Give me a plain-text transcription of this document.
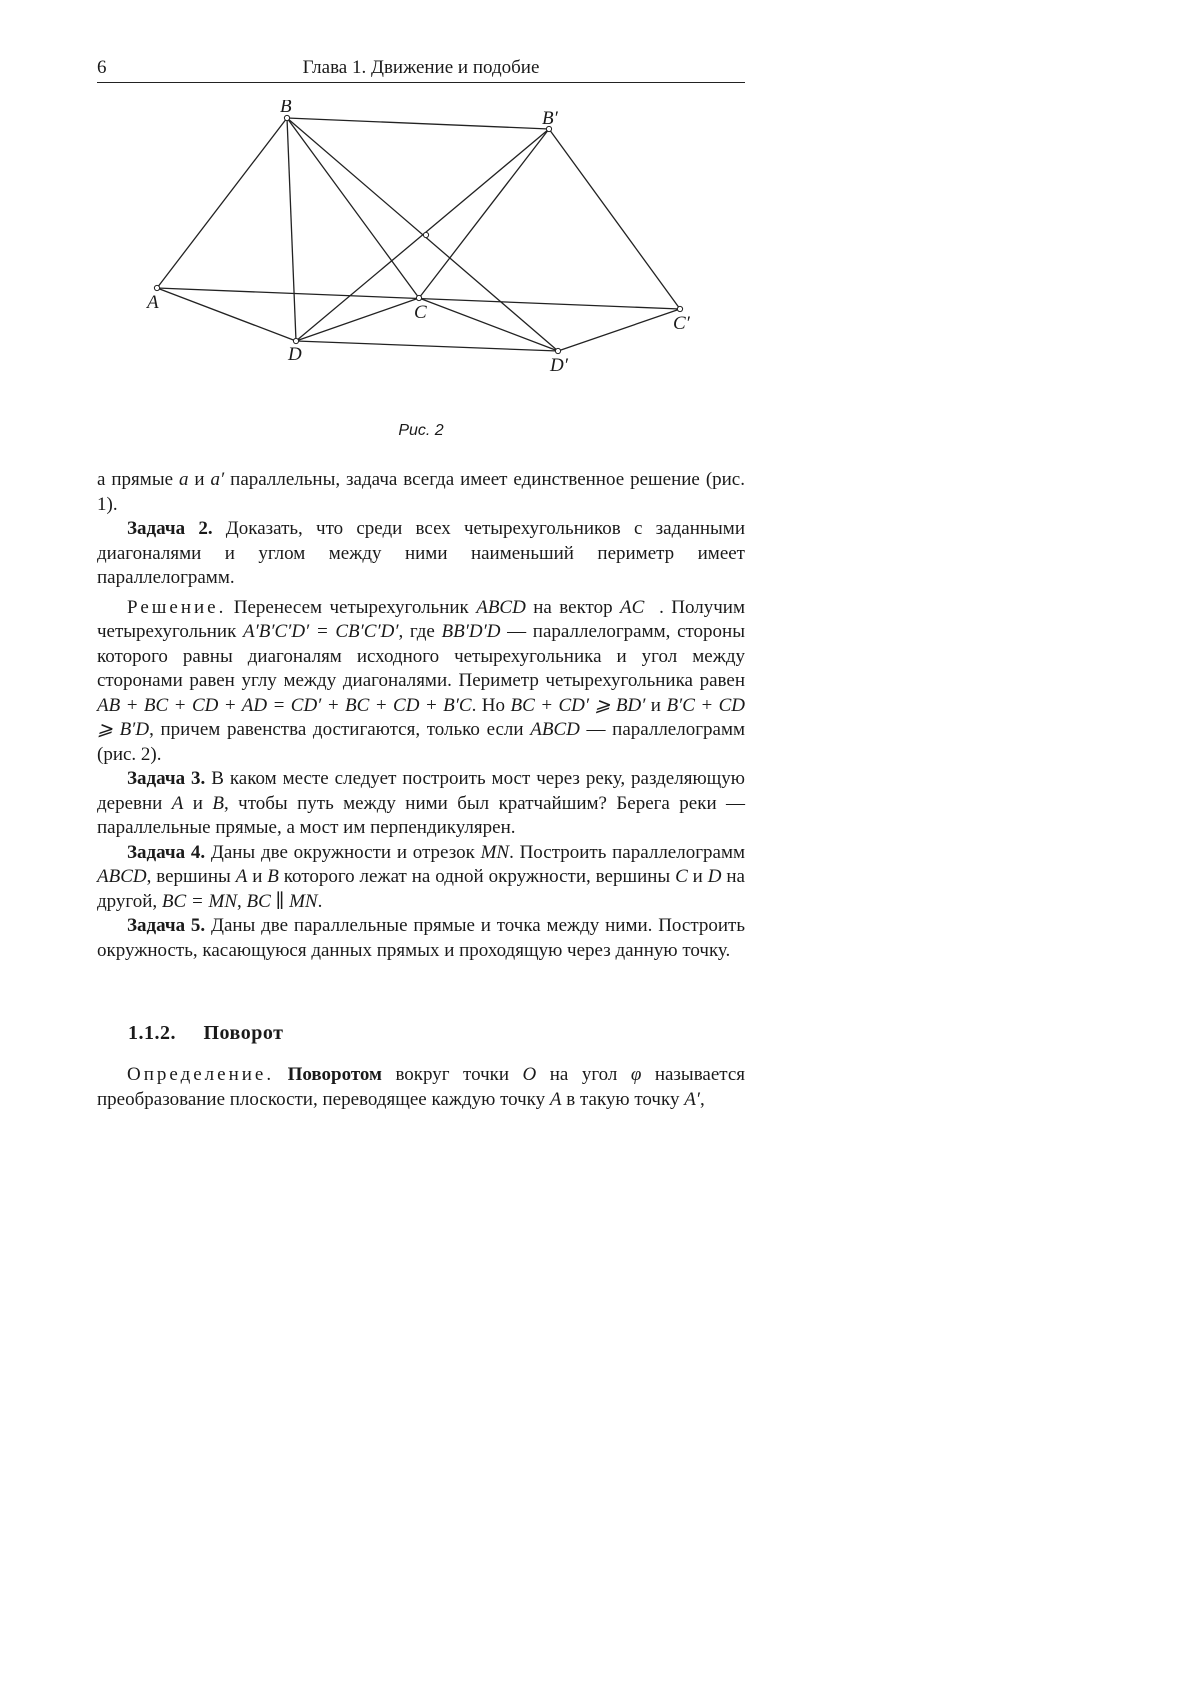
6	Глава 1. Движение и подобие
A
B
C
D
B′
C′
D′
Рис. 2

а прямые a и a′ параллельны, задача всегда имеет единственное решение (рис. 1).

Задача 2. Доказать, что среди всех четырехугольников с заданными диагоналями и углом между ними наименьший периметр имеет параллелограмм.

Решение. Перенесем четырехугольник ABCD на вектор AC⃗. Получим четырехугольник A′B′C′D′ = CB′C′D′, где BB′D′D — параллелограмм, стороны которого равны диагоналям исходного четырехугольника и угол между сторонами равен углу между диагоналями. Периметр четырехугольника равен AB + BC + CD + AD = CD′ + BC + CD + B′C. Но BC + CD′ ⩾ BD′ и B′C + CD ⩾ B′D, причем равенства достигаются, только если ABCD — параллелограмм (рис. 2).

Задача 3. В каком месте следует построить мост через реку, разделяющую деревни A и B, чтобы путь между ними был кратчайшим? Берега реки — параллельные прямые, а мост им перпендикулярен.

Задача 4. Даны две окружности и отрезок MN. Построить параллелограмм ABCD, вершины A и B которого лежат на одной окружности, вершины C и D на другой, BC = MN, BC ∥ MN.

Задача 5. Даны две параллельные прямые и точка между ними. Построить окружность, касающуюся данных прямых и проходящую через данную точку.

1.1.2. Поворот

Определение. Поворотом вокруг точки O на угол φ называется преобразование плоскости, переводящее каждую точку A в такую точку A′,
